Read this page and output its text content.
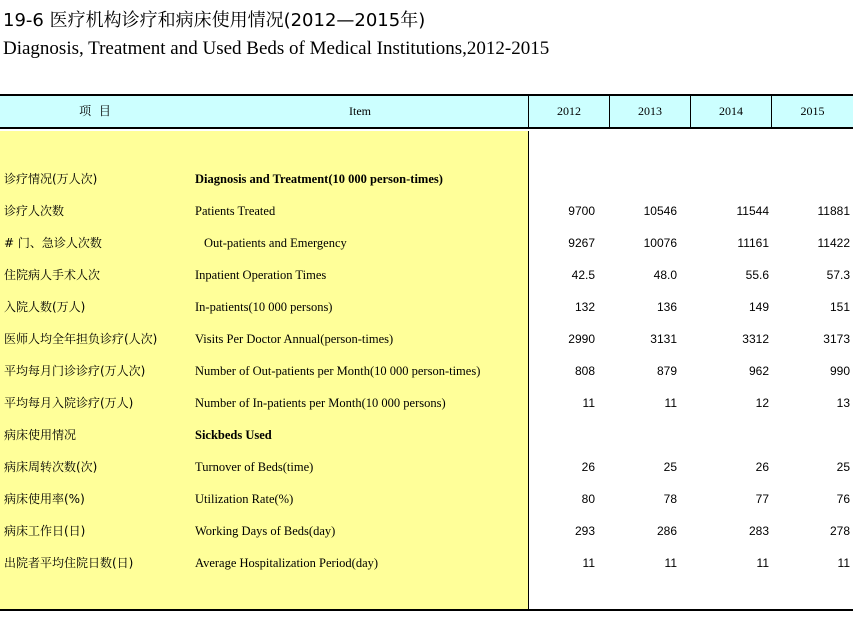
19-6 医疗机构诊疗和病床使用情况(2012—2015年)
Diagnosis, Treatment and Used Beds of Medical Institutions,2012-2015
项 目	Item	2012	2013	2014	2015
诊疗情况(万人次)	Diagnosis and Treatment(10 000 person-times)
诊疗人次数	Patients Treated	9700	10546	11544	11881
# 门、急诊人次数	Out-patients and Emergency	9267	10076	11161	11422
住院病人手术人次	Inpatient Operation Times	42.5	48.0	55.6	57.3
入院人数(万人)	In-patients(10 000 persons)	132	136	149	151
医师人均全年担负诊疗(人次)	Visits Per Doctor Annual(person-times)	2990	3131	3312	3173
平均每月门诊诊疗(万人次)	Number of Out-patients per Month(10 000 person-times)	808	879	962	990
平均每月入院诊疗(万人)	Number of In-patients per Month(10 000 persons)	11	11	12	13
病床使用情况	Sickbeds Used
病床周转次数(次)	Turnover of Beds(time)	26	25	26	25
病床使用率(%)	Utilization Rate(%)	80	78	77	76
病床工作日(日)	Working Days of Beds(day)	293	286	283	278
出院者平均住院日数(日)	Average Hospitalization Period(day)	11	11	11	11
